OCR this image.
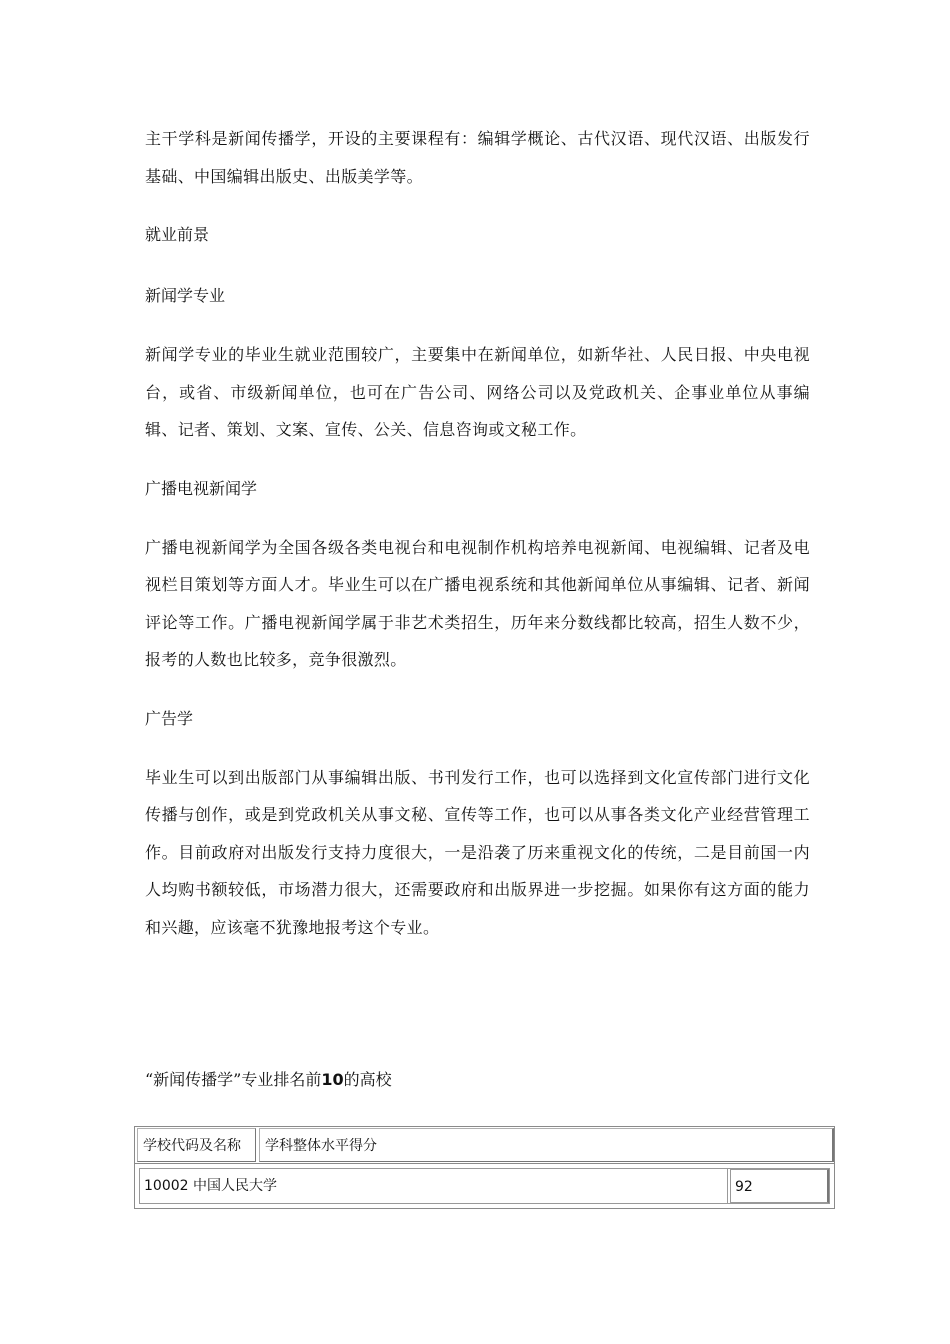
主干学科是新闻传播学，开设的主要课程有：编辑学概论、古代汉语、现代汉语、出版发行基础、中国编辑出版史、出版美学等。

就业前景

新闻学专业

新闻学专业的毕业生就业范围较广，主要集中在新闻单位，如新华社、人民日报、中央电视台，或省、市级新闻单位，也可在广告公司、网络公司以及党政机关、企事业单位从事编辑、记者、策划、文案、宣传、公关、信息咨询或文秘工作。

广播电视新闻学

广播电视新闻学为全国各级各类电视台和电视制作机构培养电视新闻、电视编辑、记者及电视栏目策划等方面人才。毕业生可以在广播电视系统和其他新闻单位从事编辑、记者、新闻评论等工作。广播电视新闻学属于非艺术类招生，历年来分数线都比较高，招生人数不少，报考的人数也比较多，竞争很激烈。

广告学

毕业生可以到出版部门从事编辑出版、书刊发行工作，也可以选择到文化宣传部门进行文化传播与创作，或是到党政机关从事文秘、宣传等工作，也可以从事各类文化产业经营管理工作。目前政府对出版发行支持力度很大，一是沿袭了历来重视文化的传统，二是目前国一内人均购书额较低，市场潜力很大，还需要政府和出版界进一步挖掘。如果你有这方面的能力和兴趣，应该毫不犹豫地报考这个专业。

“新闻传播学”专业排名前10的高校

学校代码及名称	学科整体水平得分
10002 中国人民大学	92
